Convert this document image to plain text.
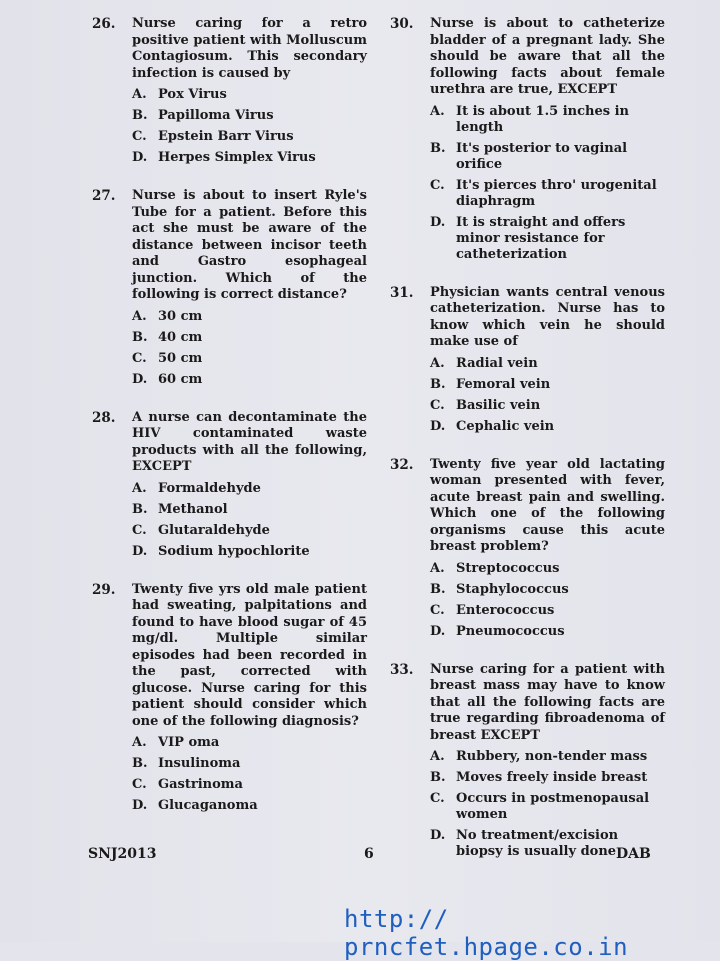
26. Nurse caring for a retro positive patient with Molluscum Contagiosum. This secondary infection is caused by

A. Pox Virus
B. Papilloma Virus
C. Epstein Barr Virus
D. Herpes Simplex Virus
27. Nurse is about to insert Ryle's Tube for a patient. Before this act she must be aware of the distance between incisor teeth and Gastro esophageal junction. Which of the following is correct distance?

A. 30 cm
B. 40 cm
C. 50 cm
D. 60 cm
28. A nurse can decontaminate the HIV contaminated waste products with all the following, EXCEPT

A. Formaldehyde
B. Methanol
C. Glutaraldehyde
D. Sodium hypochlorite
29. Twenty five yrs old male patient had sweating, palpitations and found to have blood sugar of 45 mg/dl. Multiple similar episodes had been recorded in the past, corrected with glucose. Nurse caring for this patient should consider which one of the following diagnosis?

A. VIP oma
B. Insulinoma
C. Gastrinoma
D. Glucaganoma
30. Nurse is about to catheterize bladder of a pregnant lady. She should be aware that all the following facts about female urethra are true, EXCEPT

A. It is about 1.5 inches in length
B. It's posterior to vaginal orifice
C. It's pierces thro' urogenital diaphragm
D. It is straight and offers minor resistance for catheterization
31. Physician wants central venous catheterization. Nurse has to know which vein he should make use of

A. Radial vein
B. Femoral vein
C. Basilic vein
D. Cephalic vein
32. Twenty five year old lactating woman presented with fever, acute breast pain and swelling. Which one of the following organisms cause this acute breast problem?

A. Streptococcus
B. Staphylococcus
C. Enterococcus
D. Pneumococcus
33. Nurse caring for a patient with breast mass may have to know that all the following facts are true regarding fibroadenoma of breast EXCEPT

A. Rubbery, non-tender mass
B. Moves freely inside breast
C. Occurs in postmenopausal women
D. No treatment/excision biopsy is usually done
SNJ2013	6	DAB
http:// prncfet.hpage.co.in
